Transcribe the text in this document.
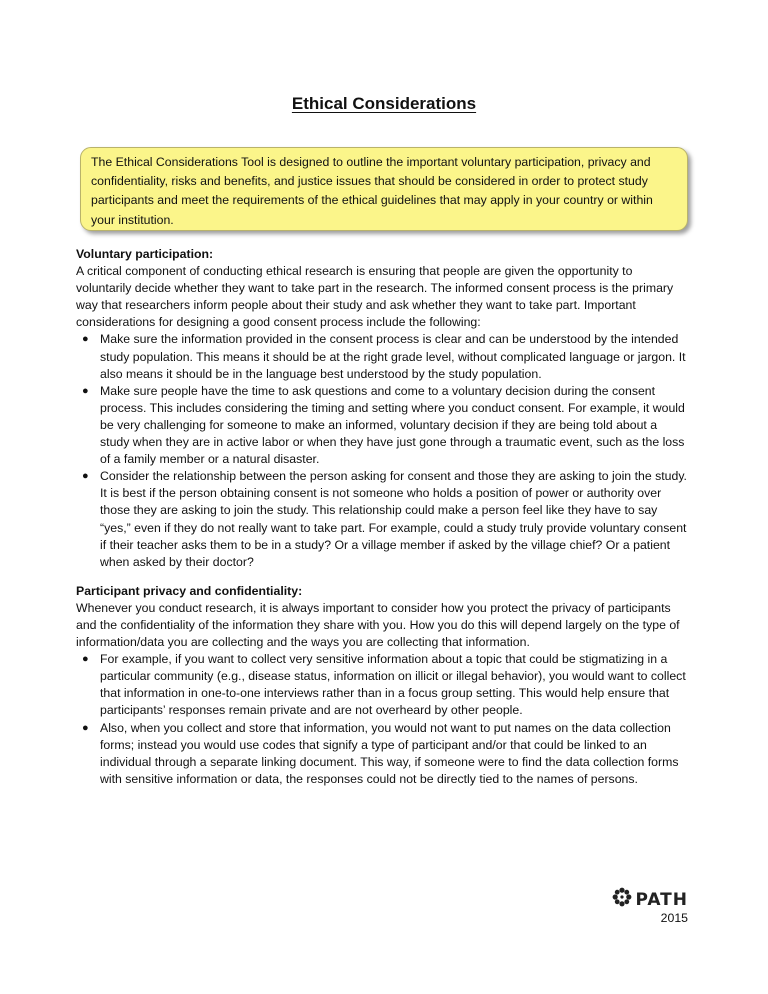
Ethical Considerations
The Ethical Considerations Tool is designed to outline the important voluntary participation, privacy and confidentiality, risks and benefits, and justice issues that should be considered in order to protect study participants and meet the requirements of the ethical guidelines that may apply in your country or within your institution.

Voluntary participation:

A critical component of conducting ethical research is ensuring that people are given the opportunity to voluntarily decide whether they want to take part in the research. The informed consent process is the primary way that researchers inform people about their study and ask whether they want to take part. Important considerations for designing a good consent process include the following:

● Make sure the information provided in the consent process is clear and can be understood by the intended study population. This means it should be at the right grade level, without complicated language or jargon. It also means it should be in the language best understood by the study population.
● Make sure people have the time to ask questions and come to a voluntary decision during the consent process. This includes considering the timing and setting where you conduct consent. For example, it would be very challenging for someone to make an informed, voluntary decision if they are being told about a study when they are in active labor or when they have just gone through a traumatic event, such as the loss of a family member or a natural disaster.
● Consider the relationship between the person asking for consent and those they are asking to join the study. It is best if the person obtaining consent is not someone who holds a position of power or authority over those they are asking to join the study. This relationship could make a person feel like they have to say “yes,” even if they do not really want to take part. For example, could a study truly provide voluntary consent if their teacher asks them to be in a study? Or a village member if asked by the village chief? Or a patient when asked by their doctor?

Participant privacy and confidentiality:

Whenever you conduct research, it is always important to consider how you protect the privacy of participants and the confidentiality of the information they share with you. How you do this will depend largely on the type of information/data you are collecting and the ways you are collecting that information.

● For example, if you want to collect very sensitive information about a topic that could be stigmatizing in a particular community (e.g., disease status, information on illicit or illegal behavior), you would want to collect that information in one-to-one interviews rather than in a focus group setting. This would help ensure that participants’ responses remain private and are not overheard by other people.
● Also, when you collect and store that information, you would not want to put names on the data collection forms; instead you would use codes that signify a type of participant and/or that could be linked to an individual through a separate linking document. This way, if someone were to find the data collection forms with sensitive information or data, the responses could not be directly tied to the names of persons.
PATH
2015
